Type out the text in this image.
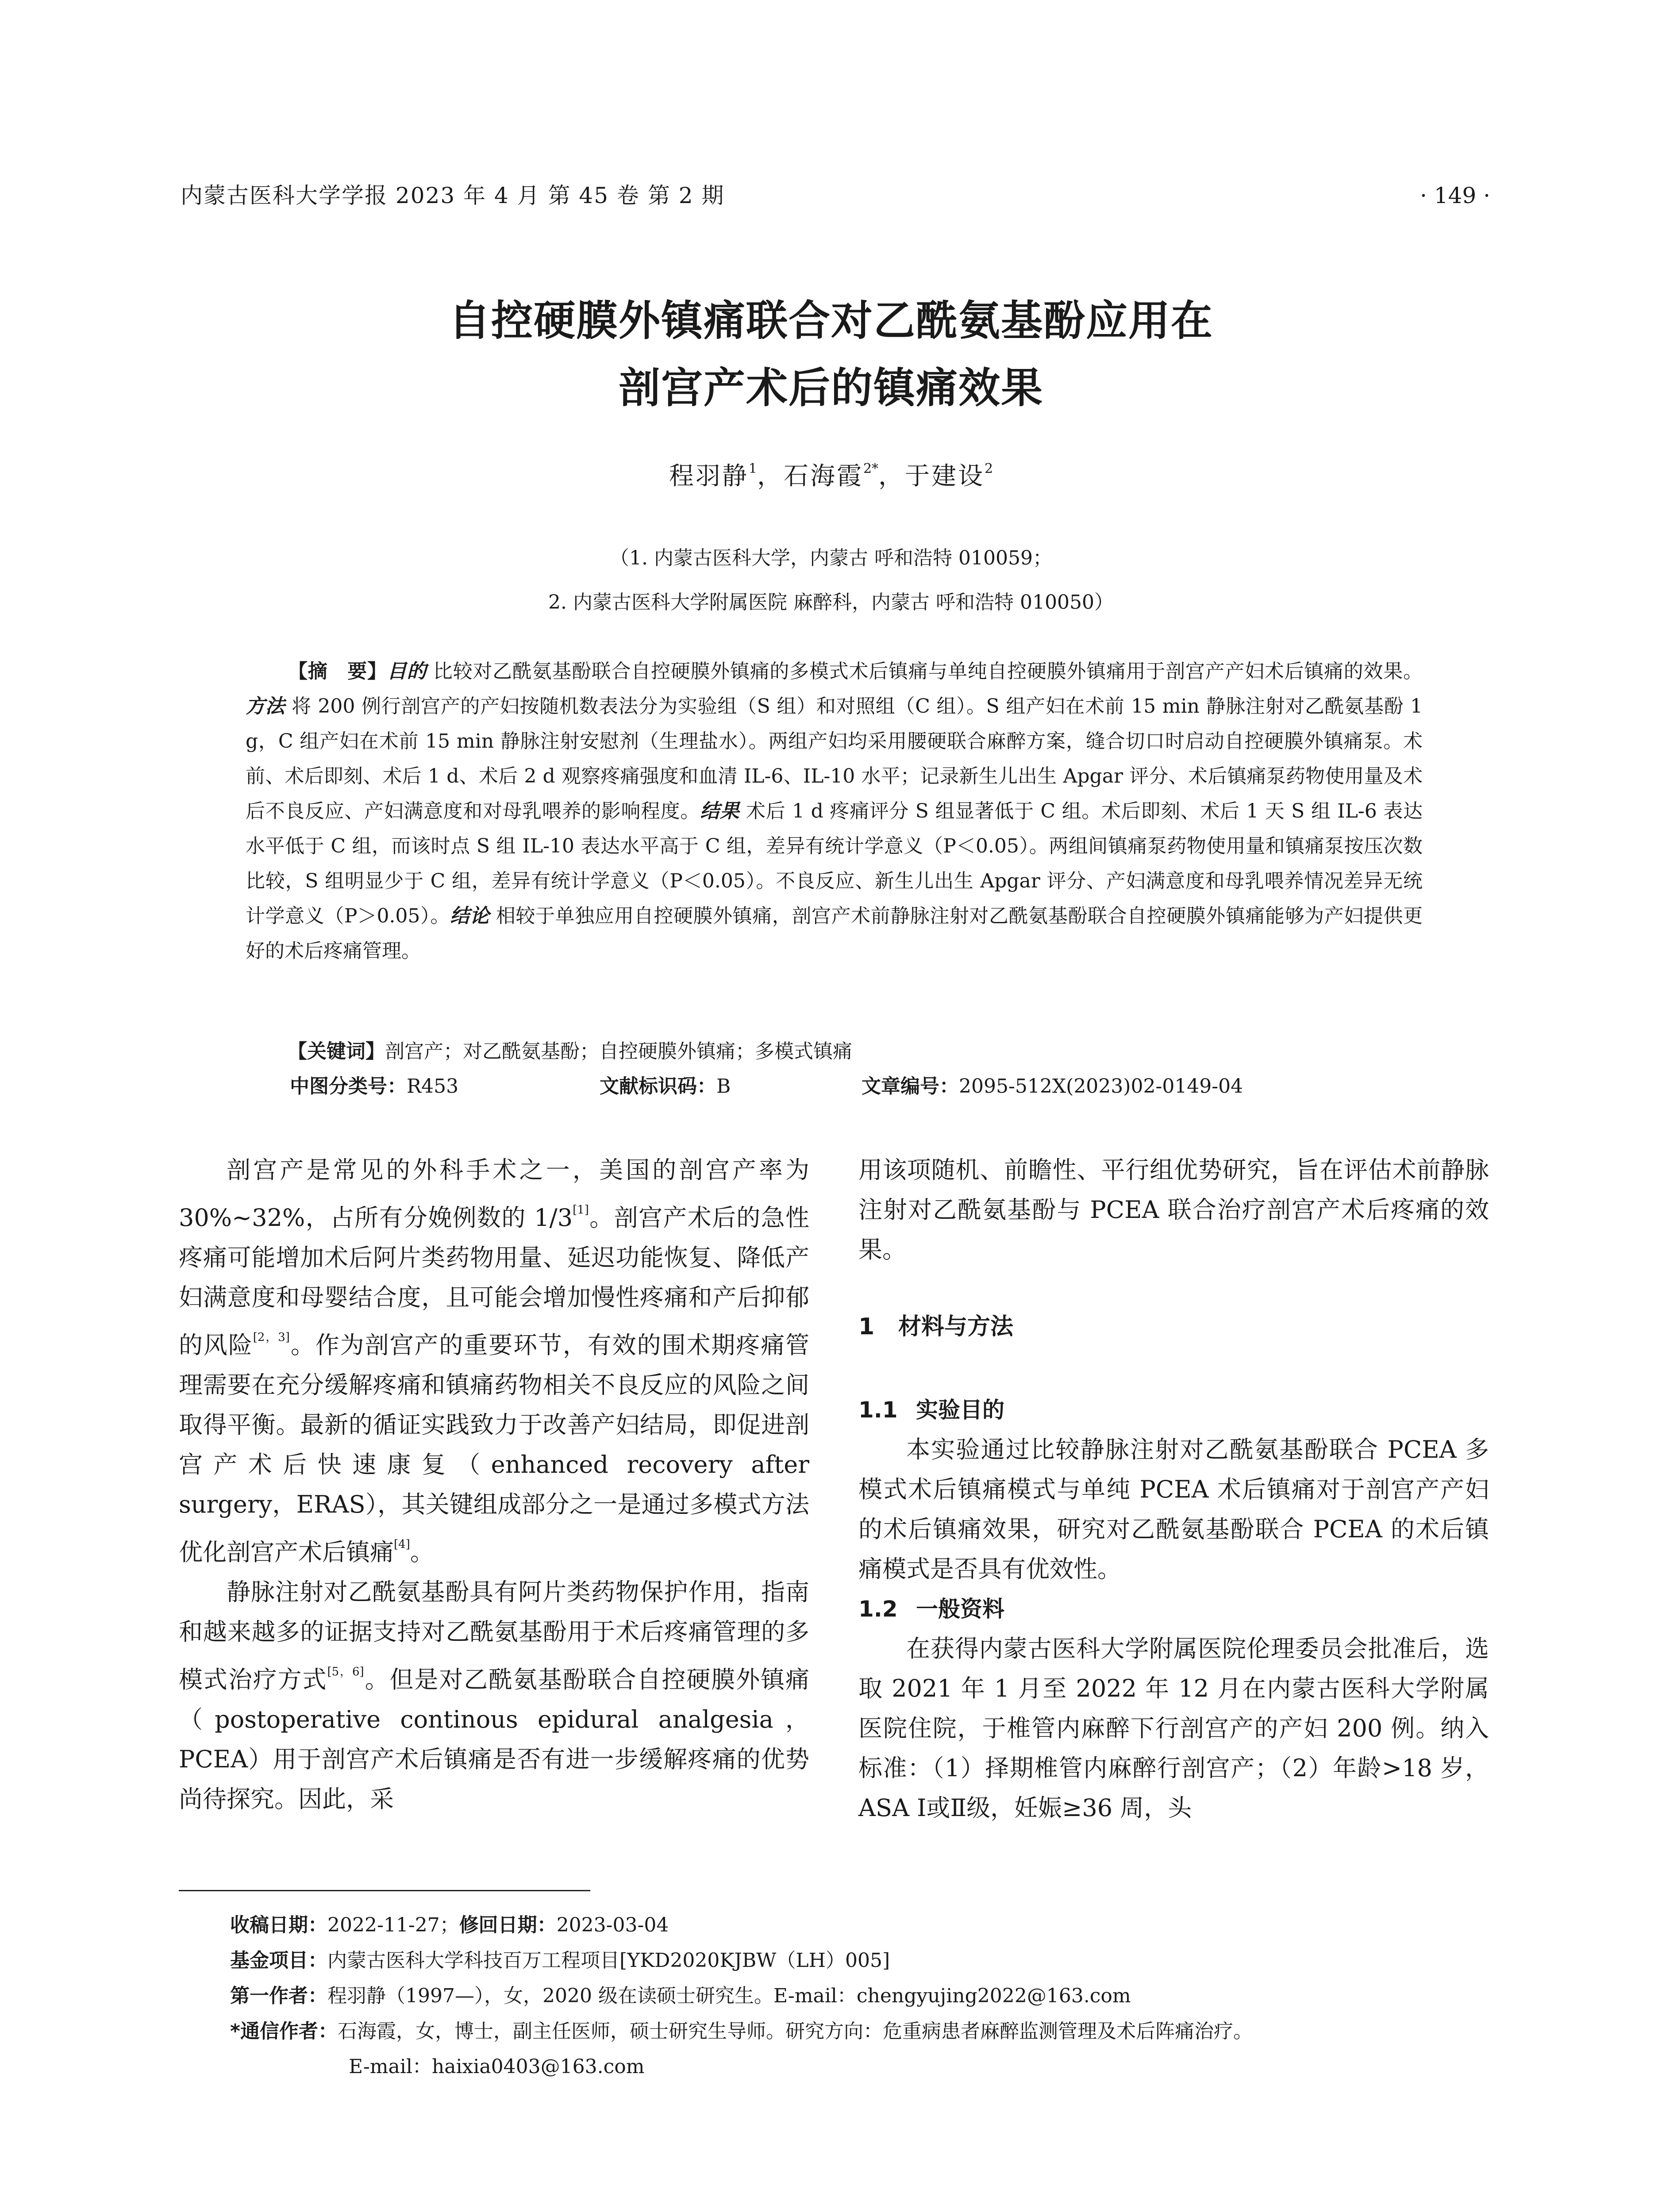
内蒙古医科大学学报 2023 年 4 月 第 45 卷 第 2 期	· 149 ·
自控硬膜外镇痛联合对乙酰氨基酚应用在
剖宫产术后的镇痛效果
程羽静$^1$，石海霞$^{2*}$，于建设$^2$
（1. 内蒙古医科大学，内蒙古 呼和浩特 010059；
2. 内蒙古医科大学附属医院 麻醉科，内蒙古 呼和浩特 010050）

【摘　要】目的 比较对乙酰氨基酚联合自控硬膜外镇痛的多模式术后镇痛与单纯自控硬膜外镇痛用于剖宫产产妇术后镇痛的效果。方法 将 200 例行剖宫产的产妇按随机数表法分为实验组（S 组）和对照组（C 组）。S 组产妇在术前 15 min 静脉注射对乙酰氨基酚 1 g，C 组产妇在术前 15 min 静脉注射安慰剂（生理盐水）。两组产妇均采用腰硬联合麻醉方案，缝合切口时启动自控硬膜外镇痛泵。术前、术后即刻、术后 1 d、术后 2 d 观察疼痛强度和血清 IL-6、IL-10 水平；记录新生儿出生 Apgar 评分、术后镇痛泵药物使用量及术后不良反应、产妇满意度和对母乳喂养的影响程度。结果 术后 1 d 疼痛评分 S 组显著低于 C 组。术后即刻、术后 1 天 S 组 IL-6 表达水平低于 C 组，而该时点 S 组 IL-10 表达水平高于 C 组，差异有统计学意义（P＜0.05）。两组间镇痛泵药物使用量和镇痛泵按压次数比较，S 组明显少于 C 组，差异有统计学意义（P＜0.05）。不良反应、新生儿出生 Apgar 评分、产妇满意度和母乳喂养情况差异无统计学意义（P＞0.05）。结论 相较于单独应用自控硬膜外镇痛，剖宫产术前静脉注射对乙酰氨基酚联合自控硬膜外镇痛能够为产妇提供更好的术后疼痛管理。

【关键词】剖宫产；对乙酰氨基酚；自控硬膜外镇痛；多模式镇痛
中图分类号：R453	文献标识码：B	文章编号：2095-512X(2023)02-0149-04

剖宫产是常见的外科手术之一，美国的剖宫产率为 30%~32%，占所有分娩例数的 1/3[1]。剖宫产术后的急性疼痛可能增加术后阿片类药物用量、延迟功能恢复、降低产妇满意度和母婴结合度，且可能会增加慢性疼痛和产后抑郁的风险[2，3]。作为剖宫产的重要环节，有效的围术期疼痛管理需要在充分缓解疼痛和镇痛药物相关不良反应的风险之间取得平衡。最新的循证实践致力于改善产妇结局，即促进剖宫产术后快速康复（enhanced recovery after surgery，ERAS），其关键组成部分之一是通过多模式方法优化剖宫产术后镇痛[4]。

静脉注射对乙酰氨基酚具有阿片类药物保护作用，指南和越来越多的证据支持对乙酰氨基酚用于术后疼痛管理的多模式治疗方式[5，6]。但是对乙酰氨基酚联合自控硬膜外镇痛（postoperative continous epidural analgesia，PCEA）用于剖宫产术后镇痛是否有进一步缓解疼痛的优势尚待探究。因此，采

用该项随机、前瞻性、平行组优势研究，旨在评估术前静脉注射对乙酰氨基酚与 PCEA 联合治疗剖宫产术后疼痛的效果。

1 材料与方法

1.1 实验目的

本实验通过比较静脉注射对乙酰氨基酚联合 PCEA 多模式术后镇痛模式与单纯 PCEA 术后镇痛对于剖宫产产妇的术后镇痛效果，研究对乙酰氨基酚联合 PCEA 的术后镇痛模式是否具有优效性。

1.2 一般资料

在获得内蒙古医科大学附属医院伦理委员会批准后，选取 2021 年 1 月至 2022 年 12 月在内蒙古医科大学附属医院住院，于椎管内麻醉下行剖宫产的产妇 200 例。纳入标准：（1）择期椎管内麻醉行剖宫产；（2）年龄>18 岁，ASA Ⅰ或Ⅱ级，妊娠≥36 周，头

收稿日期：2022-11-27；修回日期：2023-03-04
基金项目：内蒙古医科大学科技百万工程项目[YKD2020KJBW（LH）005]
第一作者：程羽静（1997—），女，2020 级在读硕士研究生。E-mail：chengyujing2022@163.com
*通信作者：石海霞，女，博士，副主任医师，硕士研究生导师。研究方向：危重病患者麻醉监测管理及术后阵痛治疗。
E-mail：haixia0403@163.com
